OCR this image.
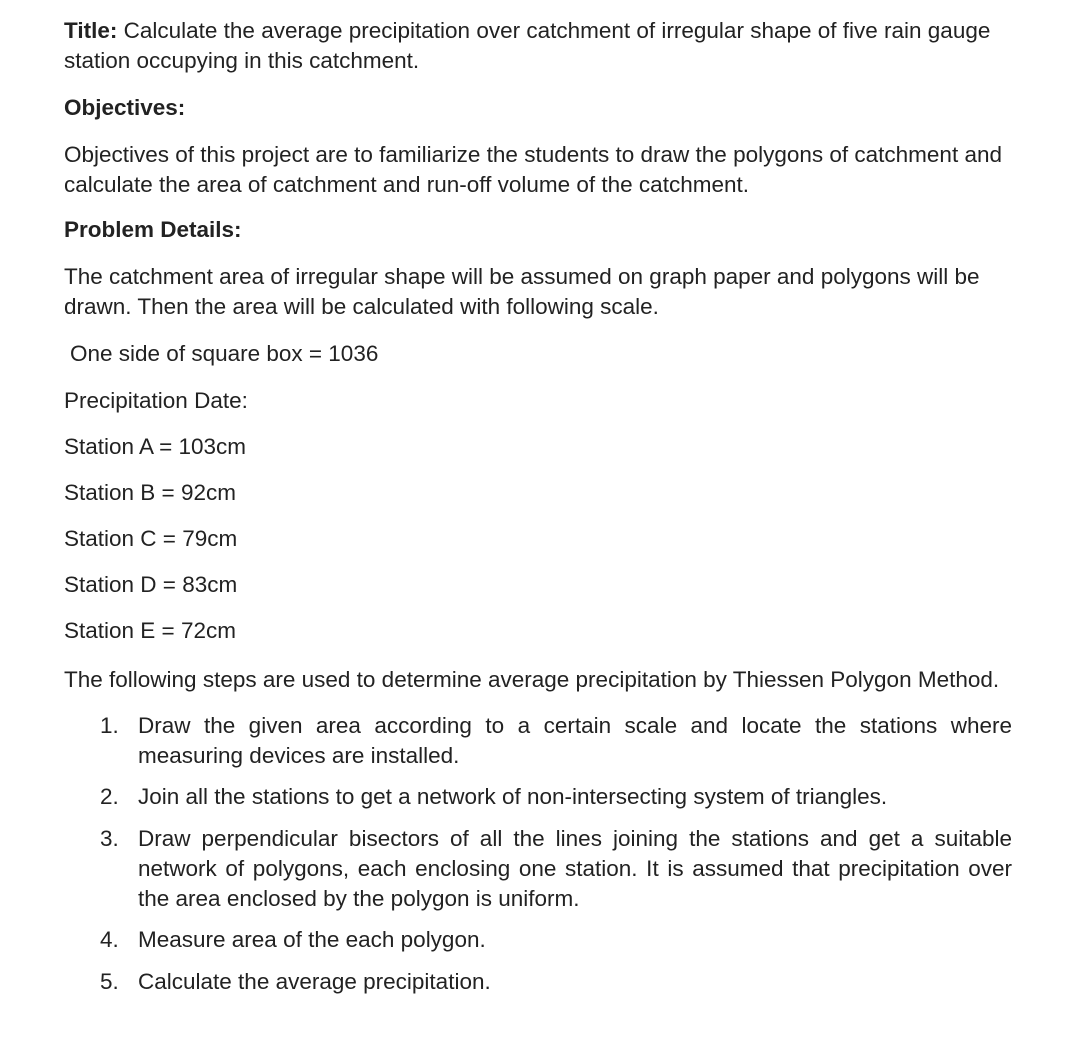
Title: Calculate the average precipitation over catchment of irregular shape of five rain gauge station occupying in this catchment.

Objectives:

Objectives of this project are to familiarize the students to draw the polygons of catchment and calculate the area of catchment and run-off volume of the catchment.

Problem Details:

The catchment area of irregular shape will be assumed on graph paper and polygons will be drawn. Then the area will be calculated with following scale.

One side of square box = 1036

Precipitation Date:

Station A = 103cm

Station B = 92cm

Station C = 79cm

Station D = 83cm

Station E = 72cm

The following steps are used to determine average precipitation by Thiessen Polygon Method.

1. Draw the given area according to a certain scale and locate the stations where measuring devices are installed.
2. Join all the stations to get a network of non-intersecting system of triangles.
3. Draw perpendicular bisectors of all the lines joining the stations and get a suitable network of polygons, each enclosing one station. It is assumed that precipitation over the area enclosed by the polygon is uniform.
4. Measure area of the each polygon.
5. Calculate the average precipitation.
